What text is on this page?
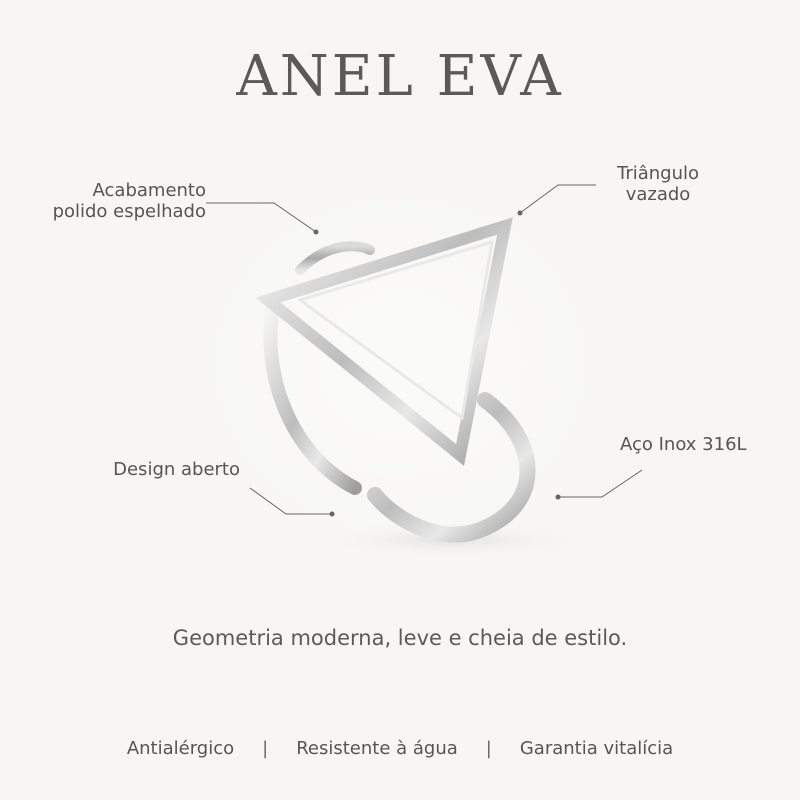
ANEL EVA
Acabamento
polido espelhado
Triângulo
vazado
Design aberto
Aço Inox 316L
Geometria moderna, leve e cheia de estilo.
Antialérgico | Resistente à água | Garantia vitalícia
